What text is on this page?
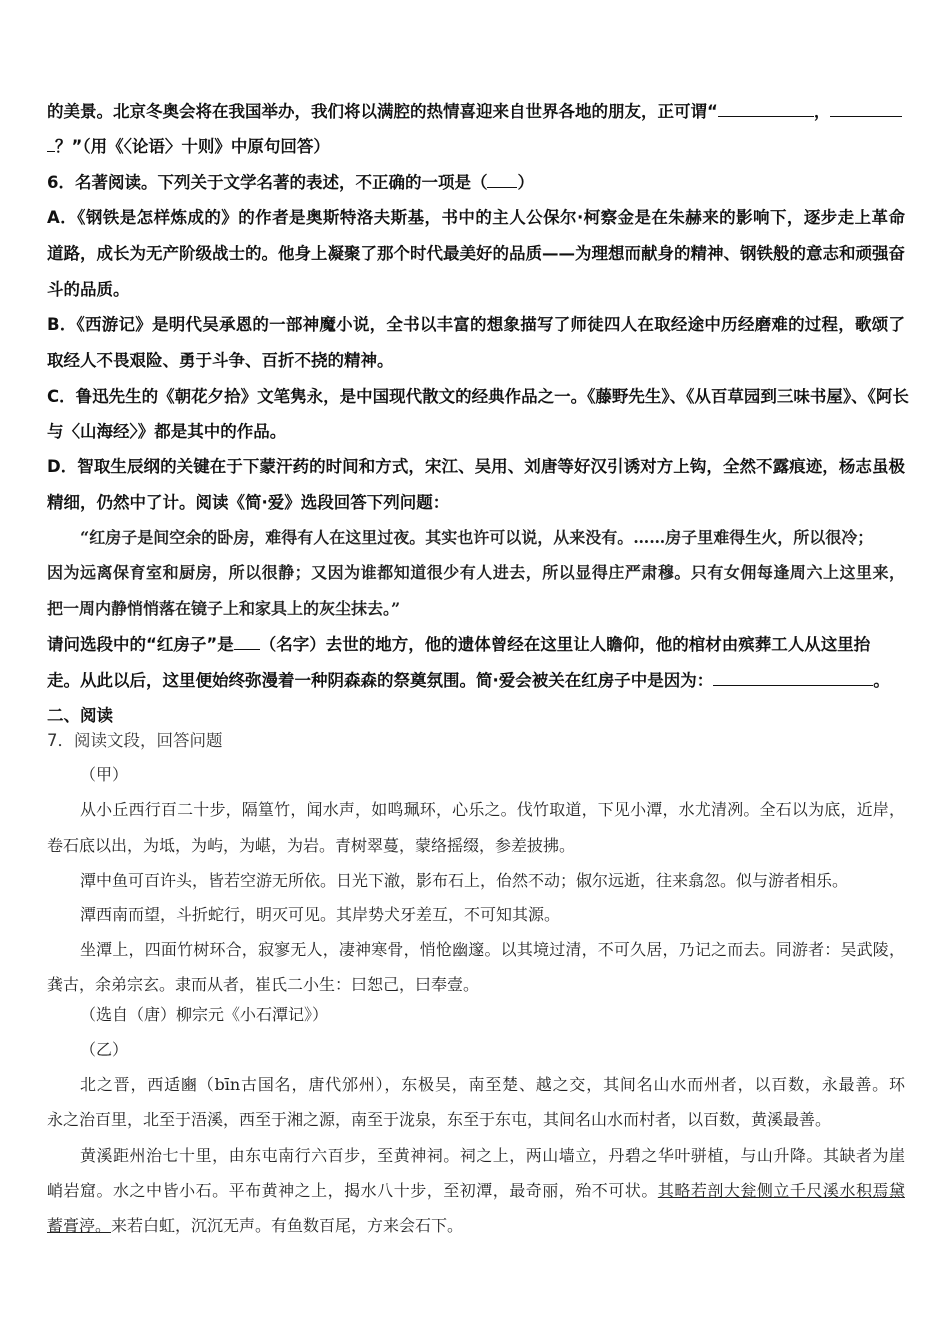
的美景。北京冬奥会将在我国举办，我们将以满腔的热情喜迎来自世界各地的朋友，正可谓“	，
？”（用《〈论语〉十则》中原句回答）
6．名著阅读。下列关于文学名著的表述，不正确的一项是（ ）
A．《钢铁是怎样炼成的》的作者是奥斯特洛夫斯基，书中的主人公保尔·柯察金是在朱赫来的影响下，逐步走上革命
道路，成长为无产阶级战士的。他身上凝聚了那个时代最美好的品质——为理想而献身的精神、钢铁般的意志和顽强奋
斗的品质。
B．《西游记》是明代吴承恩的一部神魔小说，全书以丰富的想象描写了师徒四人在取经途中历经磨难的过程，歌颂了
取经人不畏艰险、勇于斗争、百折不挠的精神。
C．鲁迅先生的《朝花夕拾》文笔隽永，是中国现代散文的经典作品之一。《藤野先生》、《从百草园到三味书屋》、《阿长
与〈山海经〉》都是其中的作品。
D．智取生辰纲的关键在于下蒙汗药的时间和方式，宋江、吴用、刘唐等好汉引诱对方上钩，全然不露痕迹，杨志虽极
精细，仍然中了计。阅读《简·爱》选段回答下列问题：
“红房子是间空余的卧房，难得有人在这里过夜。其实也许可以说，从来没有。……房子里难得生火，所以很冷；
因为远离保育室和厨房，所以很静；又因为谁都知道很少有人进去，所以显得庄严肃穆。只有女佣每逢周六上这里来，
把一周内静悄悄落在镜子上和家具上的灰尘抹去。”
请问选段中的“红房子”是 （名字）去世的地方，他的遗体曾经在这里让人瞻仰，他的棺材由殡葬工人从这里抬
走。从此以后，这里便始终弥漫着一种阴森森的祭奠氛围。简·爱会被关在红房子中是因为：	。
二、阅读
7．阅读文段，回答问题
（甲）
从小丘西行百二十步，隔篁竹，闻水声，如鸣珮环，心乐之。伐竹取道，下见小潭，水尤清冽。全石以为底，近岸，
卷石底以出，为坻，为屿，为嵁，为岩。青树翠蔓，蒙络摇缀，参差披拂。
潭中鱼可百许头，皆若空游无所依。日光下澈，影布石上，佁然不动；俶尔远逝，往来翕忽。似与游者相乐。
潭西南而望，斗折蛇行，明灭可见。其岸势犬牙差互，不可知其源。
坐潭上，四面竹树环合，寂寥无人，凄神寒骨，悄怆幽邃。以其境过清，不可久居，乃记之而去。同游者：吴武陵，
龚古，余弟宗玄。隶而从者，崔氏二小生：曰恕己，曰奉壹。
（选自（唐）柳宗元《小石潭记》）
（乙）
北之晋，西适豳（bīn古国名，唐代邠州），东极吴，南至楚、越之交，其间名山水而州者，以百数，永最善。环
永之治百里，北至于浯溪，西至于湘之源，南至于泷泉，东至于东屯，其间名山水而村者，以百数，黄溪最善。
黄溪距州治七十里，由东屯南行六百步，至黄神祠。祠之上，两山墙立，丹碧之华叶骈植，与山升降。其缺者为崖
峭岩窟。水之中皆小石。平布黄神之上，揭水八十步，至初潭，最奇丽，殆不可状。其略若剖大瓮侧立千尺溪水积焉黛
蓄膏渟。来若白虹，沉沉无声。有鱼数百尾，方来会石下。
